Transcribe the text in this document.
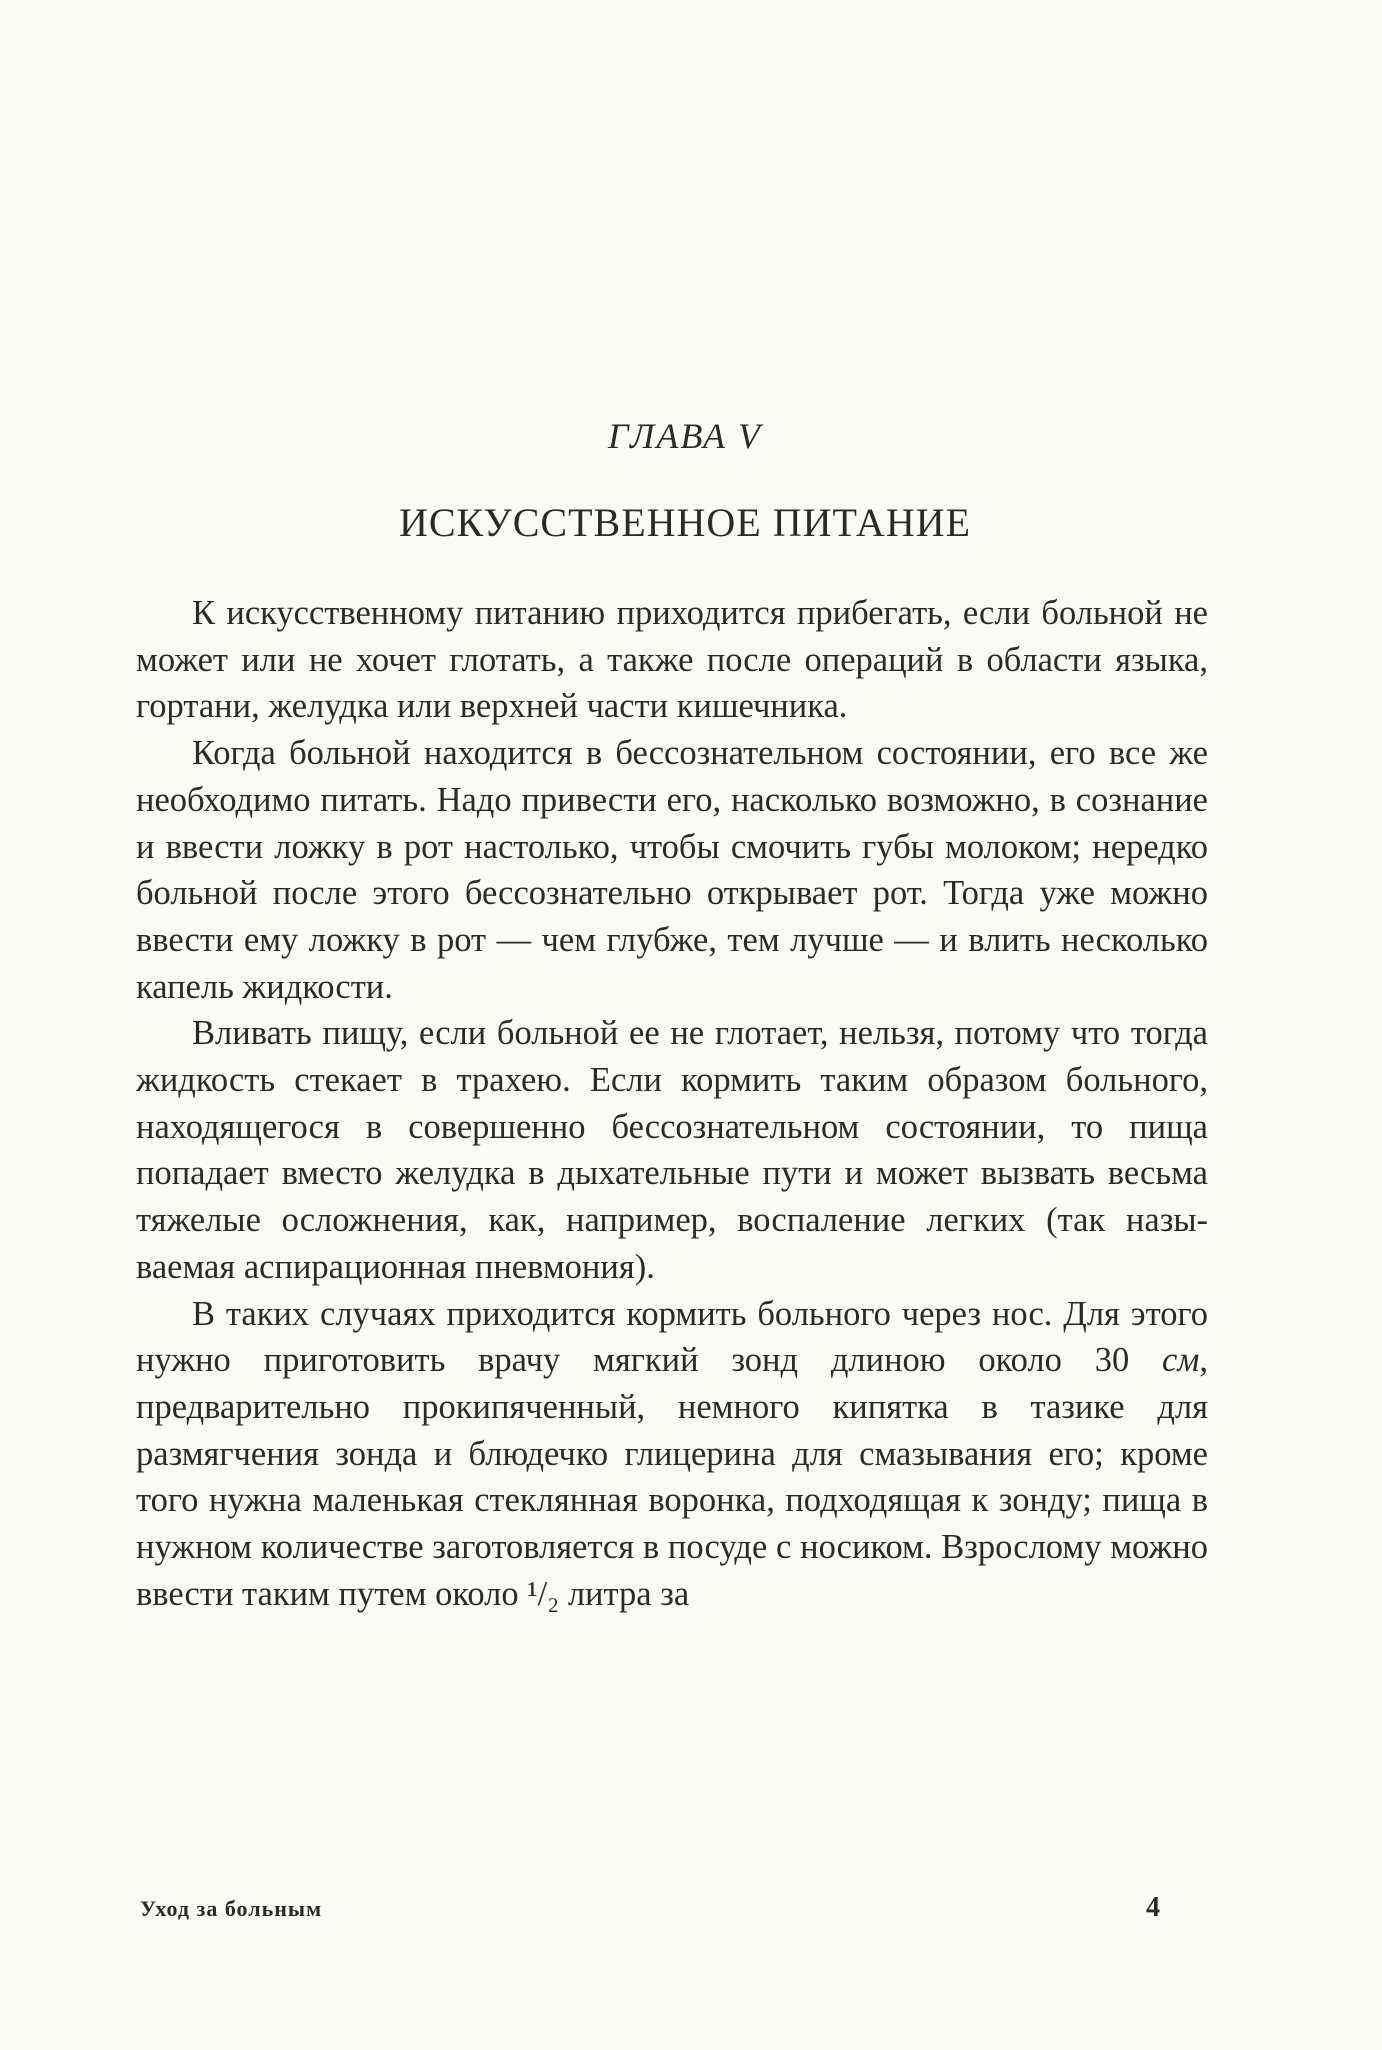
ГЛАВА V
ИСКУССТВЕННОЕ ПИТАНИЕ

К искусственному питанию приходится прибегать, если больной не может или не хочет глотать, а также после операций в области языка, гортани, желудка или верхней части кишечника.

Когда больной находится в бессознательном состоянии, его все же необходимо питать. Надо привести его, насколько возможно, в сознание и ввести ложку в рот настолько, чтобы смочить губы молоком; нередко больной после этого бессознательно открывает рот. Тогда уже можно ввести ему ложку в рот — чем глубже, тем лучше — и влить несколько капель жидкости.

Вливать пищу, если больной ее не глотает, нельзя, потому что тогда жидкость стекает в трахею. Если кормить таким образом больного, находящегося в совершенно бессознательном состоянии, то пища попадает вместо желудка в дыхательные пути и может вызвать весьма тяжелые осложнения, как, например, воспаление легких (так называемая аспирационная пневмония).

В таких случаях приходится кормить больного через нос. Для этого нужно приготовить врачу мягкий зонд длиною около 30 см, предварительно прокипяченный, немного кипятка в тазике для размягчения зонда и блюдечко глицерина для смазывания его; кроме того нужна маленькая стеклянная воронка, подходящая к зонду; пища в нужном количестве заготовляется в посуде с носиком. Взрослому можно ввести таким путем около ¹/₂ литра за

Уход за больным	4
